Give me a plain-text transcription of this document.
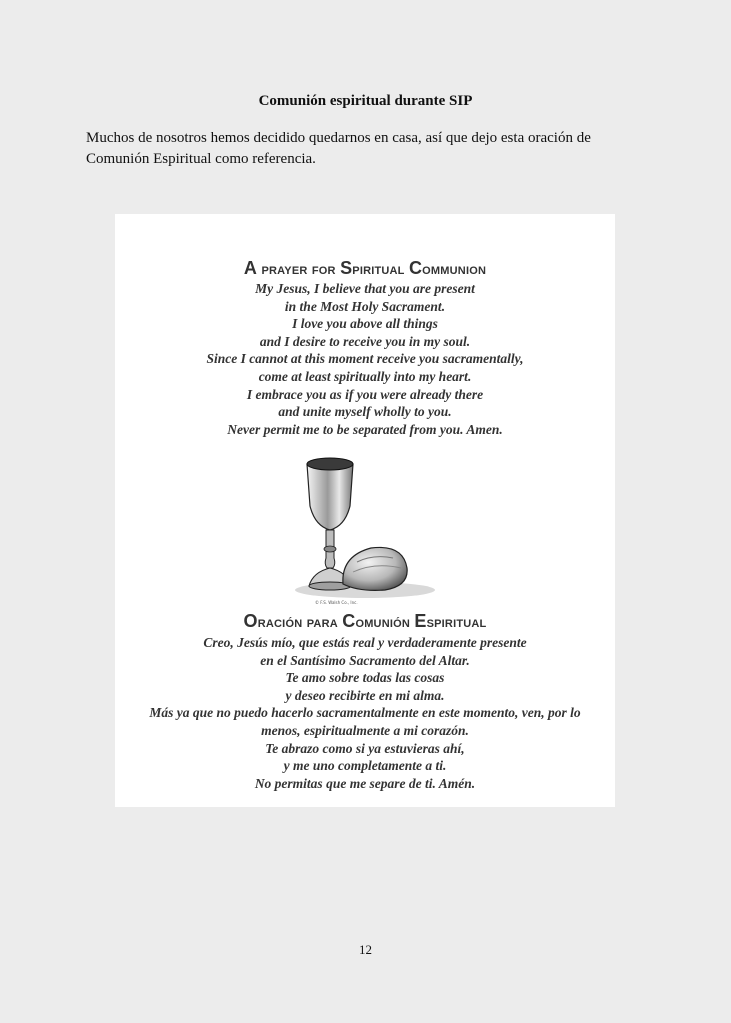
Comunión espiritual durante SIP
Muchos de nosotros hemos decidido quedarnos en casa, así que dejo esta oración de Comunión Espiritual como referencia.
A prayer for Spiritual Communion
My Jesus, I believe that you are present
in the Most Holy Sacrament.
I love you above all things
and I desire to receive you in my soul.
Since I cannot at this moment receive you sacramentally,
come at least spiritually into my heart.
I embrace you as if you were already there
and unite myself wholly to you.
Never permit me to be separated from you. Amen.
© F.S. Walsh Co., Inc.
Oración para Comunión Espiritual
Creo, Jesús mío, que estás real y verdaderamente presente
en el Santísimo Sacramento del Altar.
Te amo sobre todas las cosas
y deseo recibirte en mi alma.
Más ya que no puedo hacerlo sacramentalmente en este momento, ven, por lo
menos, espiritualmente a mi corazón.
Te abrazo como si ya estuvieras ahí,
y me uno completamente a ti.
No permitas que me separe de ti. Amén.
12
